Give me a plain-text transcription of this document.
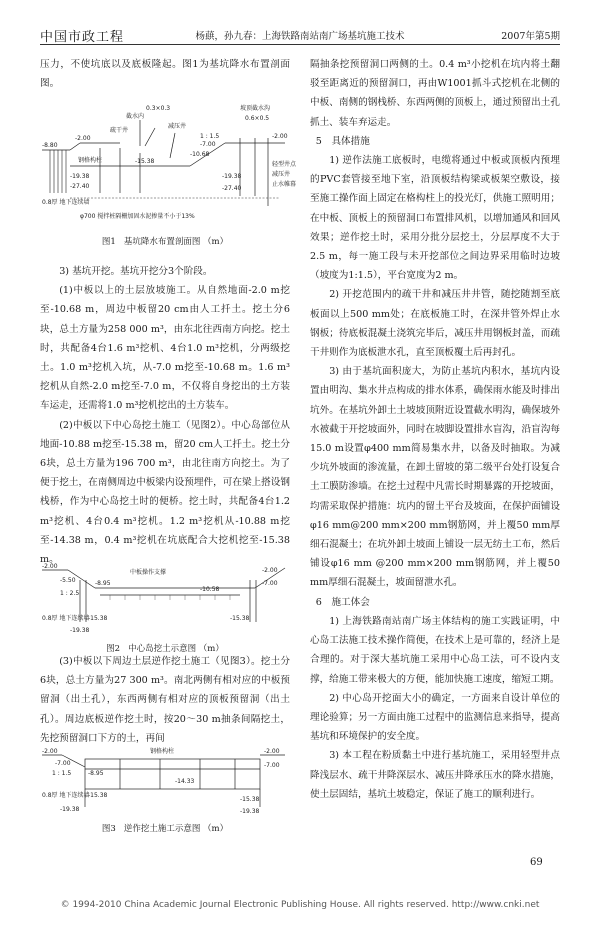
中国市政工程	杨蕻，孙九春：上海铁路南站南广场基坑施工技术	2007年第5期

压力，不使坑底以及底板隆起。图1为基坑降水布置剖面图。

-8.80
-2.00
钢格构柱	-15.38
-19.38
-27.40
0.8厚 地下连续墙
截水内
疏干井
减压井
坡顶截水沟
0.3×0.3
0.6×0.5
1 : 1.5
轻型井点
减压井
止水帷幕
-19.38
-27.40
-10.68
-2.00
-7.00
φ700 搅拌桩隔栅加固水泥掺量不小于13%
图1 基坑降水布置剖面图 （m）

3) 基坑开挖。基坑开挖分3个阶段。

(1)中板以上的土层放坡施工。从自然地面-2.0 m挖至-10.68 m，周边中板留20 cm由人工扦土。挖土分6块，总土方量为258 000 m³，由东北往西南方向挖。挖土时，共配备4台1.6 m³挖机、4台1.0 m³挖机，分两级挖土。1.0 m³挖机入坑，从-7.0 m挖至-10.68 m。1.6 m³挖机从自然-2.0 m挖至-7.0 m，不仅将自身挖出的土方装车运走，还需将1.0 m³挖机挖出的土方装车。

(2)中板以下中心岛挖土施工（见图2）。中心岛部位从地面-10.88 m挖至-15.38 m，留20 cm人工扦土。挖土分6块，总土方量为196 700 m³，由北往南方向挖土。为了便于挖土，在南侧周边中板梁内设预埋件，可在梁上搭设钢栈桥，作为中心岛挖土时的便桥。挖土时，共配备4台1.2 m³挖机、4台0.4 m³挖机。1.2 m³挖机从-10.88 m挖至-14.38 m，0.4 m³挖机在坑底配合大挖机挖至-15.38 m。

-2.00
-5.50	-8.95
中板操作支撑
-15.38
-19.38
0.8厚 地下连续墙
1 : 2.5
-2.00
-7.00
-10.58
-15.38
图2 中心岛挖土示意图 （m）

(3)中板以下周边土层逆作挖土施工（见图3）。挖土分6块，总土方量为27 300 m³。南北两侧有相对应的中板预留洞（出土孔），东西两侧有相对应的顶板预留洞（出土孔）。周边底板逆作挖土时，按20～30 m抽条间隔挖土，先挖预留洞口下方的土，再间

-2.00
-7.00
-8.95
钢格构柱
-15.38
-19.38
0.8厚 地下连续墙
1 : 1.5
-14.33
-2.00
-7.00
-15.38
-19.38
图3 逆作挖土施工示意图 （m）

隔抽条挖预留洞口两侧的土。0.4 m³小挖机在坑内将土翻驳至距离近的预留洞口，再由W1001抓斗式挖机在北侧的中板、南侧的钢栈桥、东西两侧的顶板上，通过预留出土孔抓土、装车弃运走。

5　具体措施

1) 逆作法施工底板时，电缆将通过中板或顶板内预埋的PVC套管接至地下室，沿顶板结构梁或板架空敷设，接至施工操作面上固定在格构柱上的投光灯，供施工照明用；在中板、顶板上的预留洞口布置排风机，以增加通风和回风效果；逆作挖土时，采用分批分层挖土，分层厚度不大于2.5 m，每一施工段与未开挖部位之间边界采用临时边坡（坡度为1:1.5），平台宽度为2 m。

2) 开挖范围内的疏干井和减压井井管，随挖随割至底板面以上500 mm处；在底板施工时，在深井管外焊止水钢板；待底板混凝土浇筑完毕后，减压井用钢板封盖，而疏干井则作为底板泄水孔，直至顶板覆土后再封孔。

3) 由于基坑面积庞大，为防止基坑内积水，基坑内设置由明沟、集水井点构成的排水体系，确保雨水能及时排出坑外。在基坑外卸土土坡坡顶附近设置截水明沟，确保坡外水被截于开挖坡面外，同时在坡脚设置排水盲沟，沿盲沟每15.0 m设置φ400 mm简易集水井，以备及时抽取。为减少坑外坡面的渗流量，在卸土留坡的第二级平台处打设复合土工膜防渗墙。在挖土过程中凡需长时期暴露的开挖坡面，均需采取保护措施：坑内的留土平台及坡面，在保护面铺设φ16 mm@200 mm×200 mm钢筋网，并上覆50 mm厚细石混凝土；在坑外卸土坡面上铺设一层无纺土工布，然后铺设φ16 mm @200 mm×200 mm钢筋网，并上覆50 mm厚细石混凝土，坡面留泄水孔。

6　施工体会

1) 上海铁路南站南广场主体结构的施工实践证明，中心岛工法施工技术操作简便，在技术上是可靠的，经济上是合理的。对于深大基坑施工采用中心岛工法，可不设内支撑，给施工带来极大的方便，能加快施工速度，缩短工期。

2) 中心岛开挖面大小的确定，一方面来自设计单位的理论验算；另一方面由施工过程中的监测信息来指导，提高基坑和环境保护的安全度。

3) 本工程在粉质黏土中进行基坑施工，采用轻型井点降浅层水、疏干井降深层水、减压井降承压水的降水措施，使土层固结，基坑土坡稳定，保证了施工的顺利进行。

69
© 1994-2010 China Academic Journal Electronic Publishing House. All rights reserved. http://www.cnki.net
